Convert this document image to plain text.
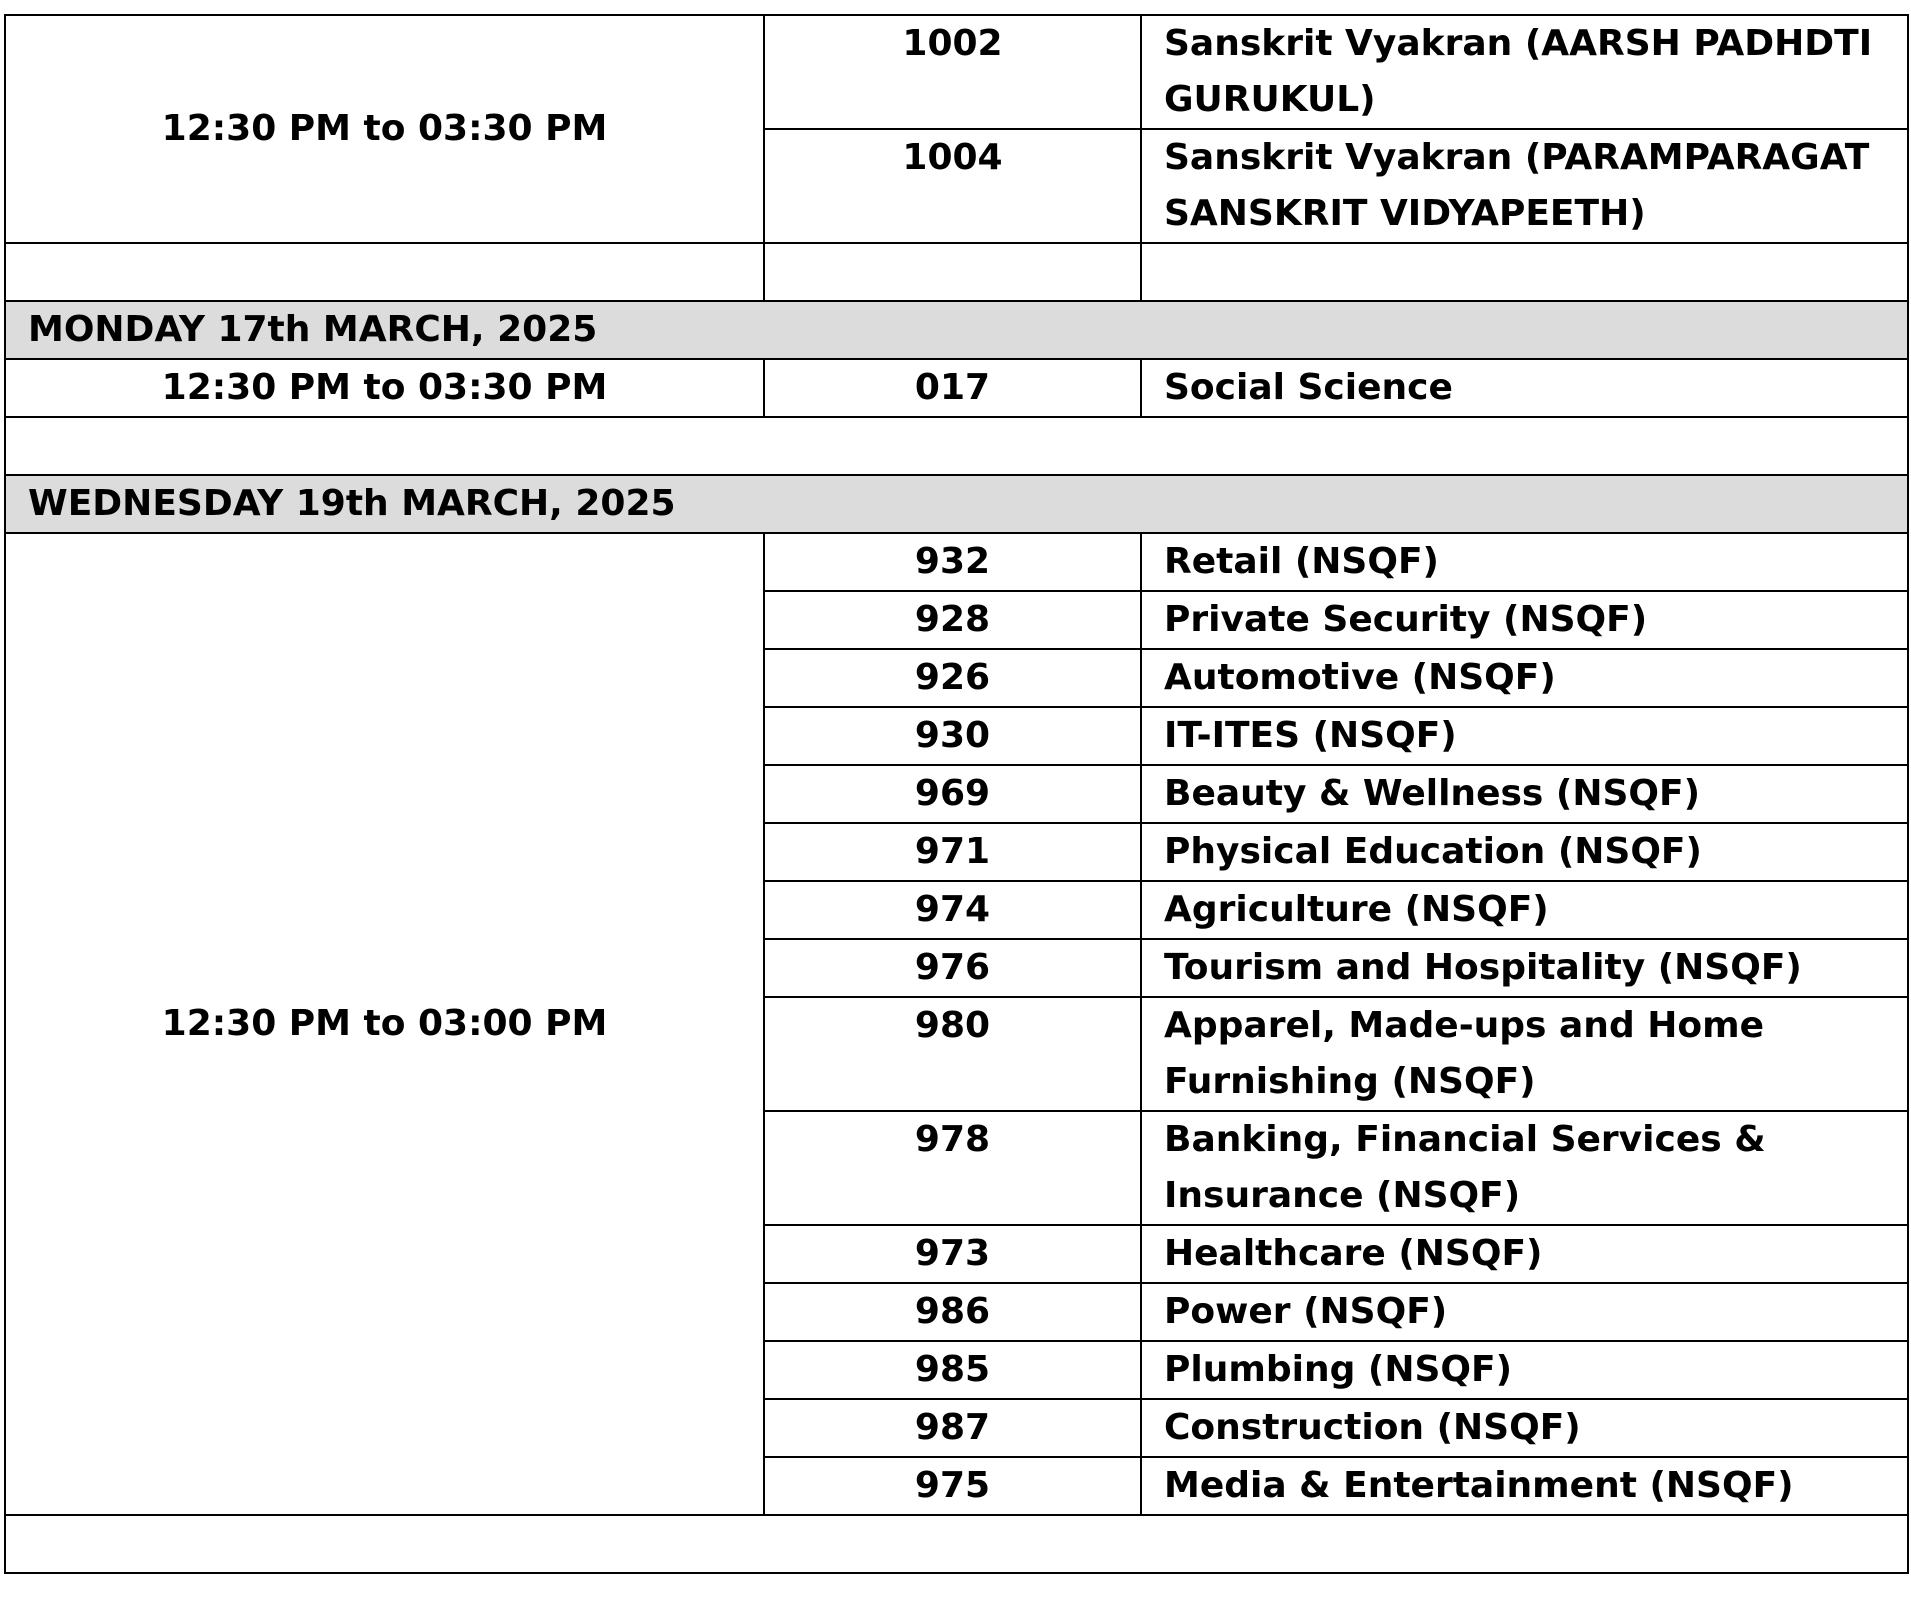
12:30 PM to 03:30 PM	1002	Sanskrit Vyakran (AARSH PADHDTI GURUKUL)
	1004	Sanskrit Vyakran (PARAMPARAGAT SANSKRIT VIDYAPEETH)

MONDAY 17th MARCH, 2025		
12:30 PM to 03:30 PM	017	Social Science

WEDNESDAY 19th MARCH, 2025		
12:30 PM to 03:00 PM	932	Retail (NSQF)
	928	Private Security (NSQF)
	926	Automotive (NSQF)
	930	IT-ITES (NSQF)
	969	Beauty & Wellness (NSQF)
	971	Physical Education (NSQF)
	974	Agriculture (NSQF)
	976	Tourism and Hospitality (NSQF)
	980	Apparel, Made-ups and Home Furnishing (NSQF)
	978	Banking, Financial Services & Insurance (NSQF)
	973	Healthcare (NSQF)
	986	Power (NSQF)
	985	Plumbing (NSQF)
	987	Construction (NSQF)
	975	Media & Entertainment (NSQF)
